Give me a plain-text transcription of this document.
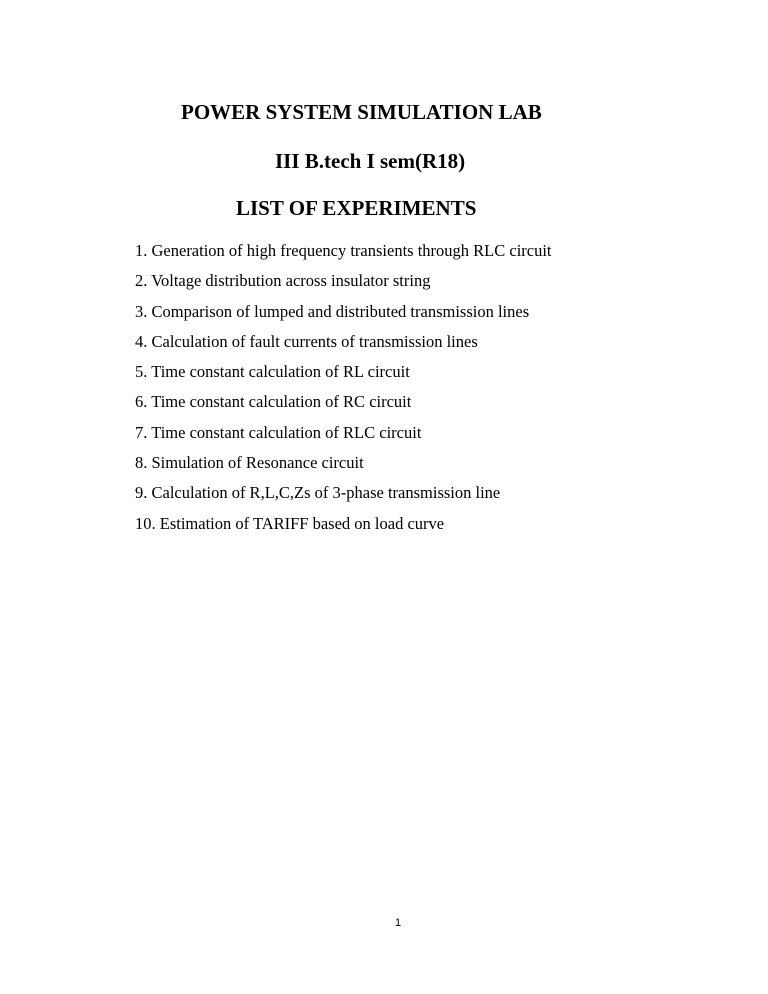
POWER SYSTEM SIMULATION LAB
III B.tech I sem(R18)
LIST OF EXPERIMENTS
1. Generation of high frequency transients through RLC circuit
2. Voltage distribution across insulator string
3. Comparison of lumped and distributed transmission lines
4. Calculation of fault currents of transmission lines
5. Time constant calculation of RL circuit
6. Time constant calculation of RC circuit
7. Time constant calculation of RLC circuit
8. Simulation of Resonance circuit
9. Calculation of R,L,C,Zs of 3-phase transmission line
10. Estimation of TARIFF based on load curve
1
